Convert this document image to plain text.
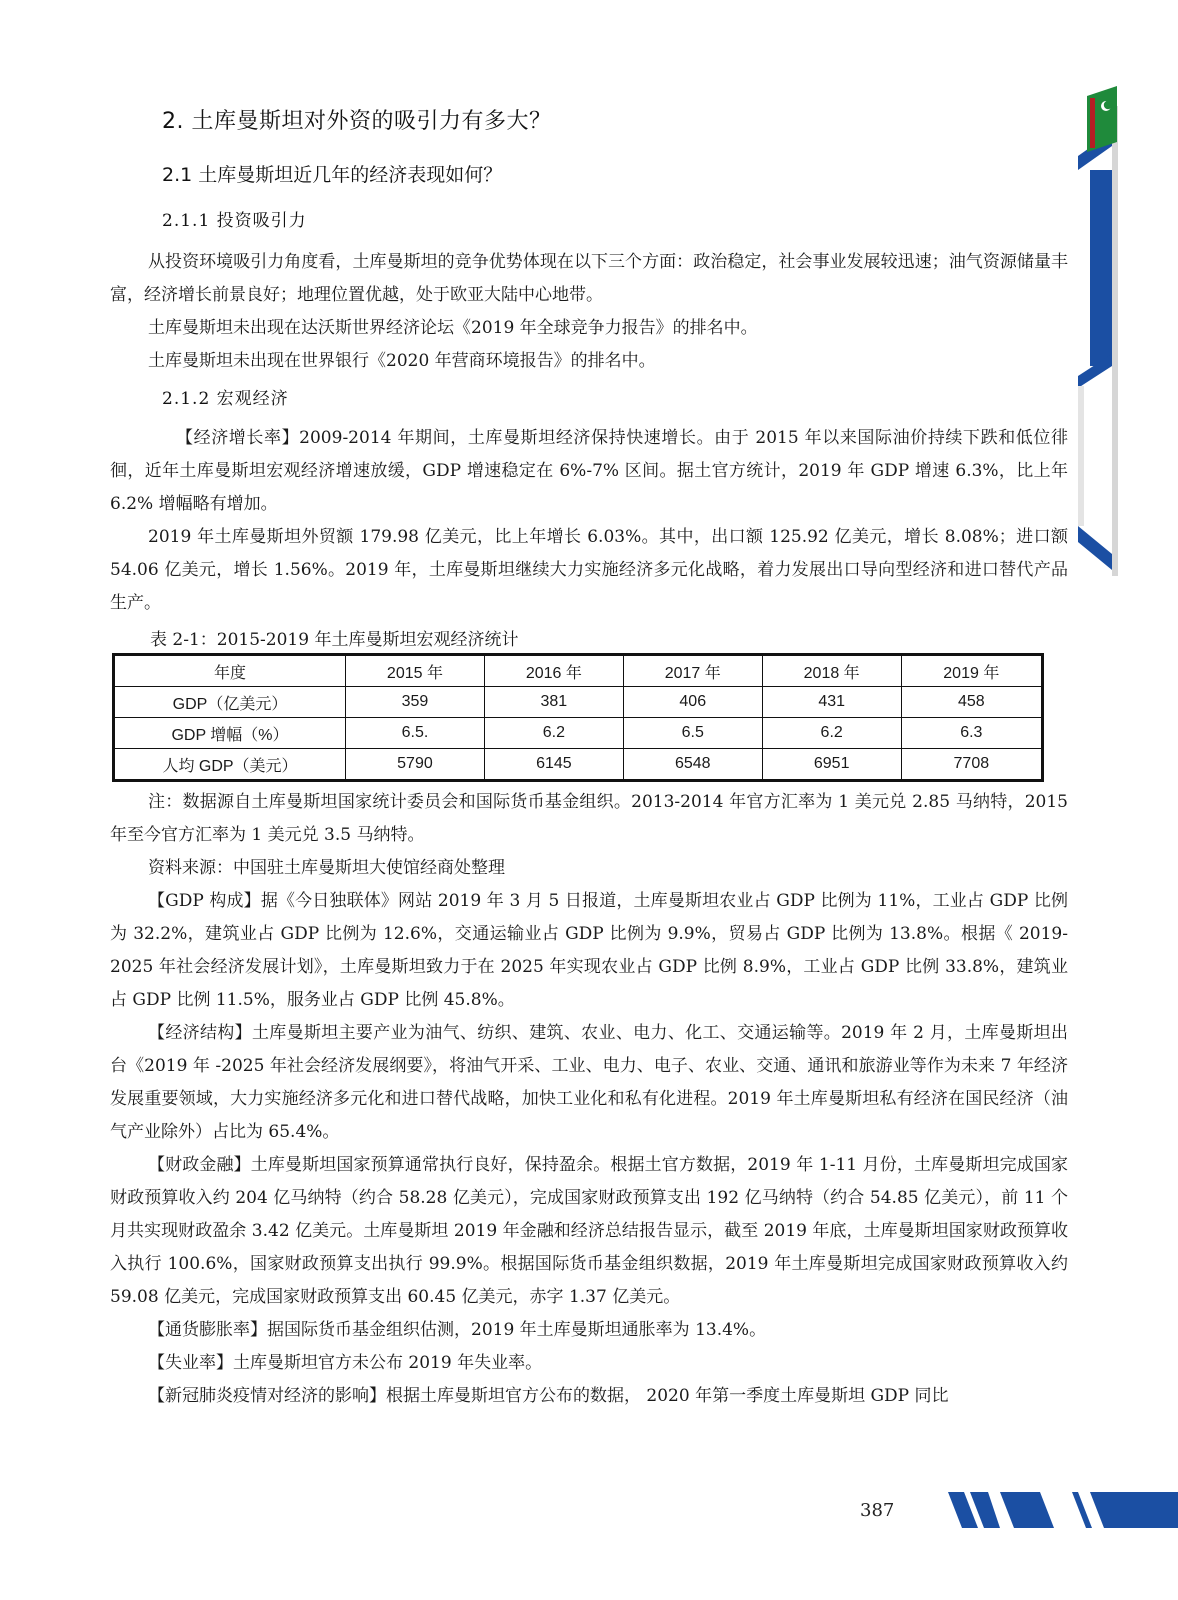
2. 土库曼斯坦对外资的吸引力有多大？
2.1 土库曼斯坦近几年的经济表现如何？
2.1.1 投资吸引力

从投资环境吸引力角度看，土库曼斯坦的竞争优势体现在以下三个方面：政治稳定，社会事业发展较迅速；油气资源储量丰富，经济增长前景良好；地理位置优越，处于欧亚大陆中心地带。

土库曼斯坦未出现在达沃斯世界经济论坛《2019 年全球竞争力报告》的排名中。

土库曼斯坦未出现在世界银行《2020 年营商环境报告》的排名中。

2.1.2 宏观经济

【经济增长率】2009-2014 年期间，土库曼斯坦经济保持快速增长。由于 2015 年以来国际油价持续下跌和低位徘徊，近年土库曼斯坦宏观经济增速放缓，GDP 增速稳定在 6%-7% 区间。据土官方统计，2019 年 GDP 增速 6.3%，比上年 6.2% 增幅略有增加。

2019 年土库曼斯坦外贸额 179.98 亿美元，比上年增长 6.03%。其中，出口额 125.92 亿美元，增长 8.08%；进口额 54.06 亿美元，增长 1.56%。2019 年，土库曼斯坦继续大力实施经济多元化战略，着力发展出口导向型经济和进口替代产品生产。

表 2-1：2015-2019 年土库曼斯坦宏观经济统计
年度	2015 年	2016 年	2017 年	2018 年	2019 年
GDP（亿美元）	359	381	406	431	458
GDP 增幅（%）	6.5.	6.2	6.5	6.2	6.3
人均 GDP（美元）	5790	6145	6548	6951	7708

注：数据源自土库曼斯坦国家统计委员会和国际货币基金组织。2013-2014 年官方汇率为 1 美元兑 2.85 马纳特，2015 年至今官方汇率为 1 美元兑 3.5 马纳特。

资料来源：中国驻土库曼斯坦大使馆经商处整理

【GDP 构成】据《今日独联体》网站 2019 年 3 月 5 日报道，土库曼斯坦农业占 GDP 比例为 11%，工业占 GDP 比例为 32.2%，建筑业占 GDP 比例为 12.6%，交通运输业占 GDP 比例为 9.9%，贸易占 GDP 比例为 13.8%。根据《 2019-2025 年社会经济发展计划》，土库曼斯坦致力于在 2025 年实现农业占 GDP 比例 8.9%，工业占 GDP 比例 33.8%，建筑业占 GDP 比例 11.5%，服务业占 GDP 比例 45.8%。

【经济结构】土库曼斯坦主要产业为油气、纺织、建筑、农业、电力、化工、交通运输等。2019 年 2 月，土库曼斯坦出台《2019 年 -2025 年社会经济发展纲要》，将油气开采、工业、电力、电子、农业、交通、通讯和旅游业等作为未来 7 年经济发展重要领域，大力实施经济多元化和进口替代战略，加快工业化和私有化进程。2019 年土库曼斯坦私有经济在国民经济（油气产业除外）占比为 65.4%。

【财政金融】土库曼斯坦国家预算通常执行良好，保持盈余。根据土官方数据，2019 年 1-11 月份，土库曼斯坦完成国家财政预算收入约 204 亿马纳特（约合 58.28 亿美元），完成国家财政预算支出 192 亿马纳特（约合 54.85 亿美元），前 11 个月共实现财政盈余 3.42 亿美元。土库曼斯坦 2019 年金融和经济总结报告显示，截至 2019 年底，土库曼斯坦国家财政预算收入执行 100.6%，国家财政预算支出执行 99.9%。根据国际货币基金组织数据，2019 年土库曼斯坦完成国家财政预算收入约 59.08 亿美元，完成国家财政预算支出 60.45 亿美元，赤字 1.37 亿美元。

【通货膨胀率】据国际货币基金组织估测，2019 年土库曼斯坦通胀率为 13.4%。

【失业率】土库曼斯坦官方未公布 2019 年失业率。

【新冠肺炎疫情对经济的影响】根据土库曼斯坦官方公布的数据， 2020 年第一季度土库曼斯坦 GDP 同比

387
